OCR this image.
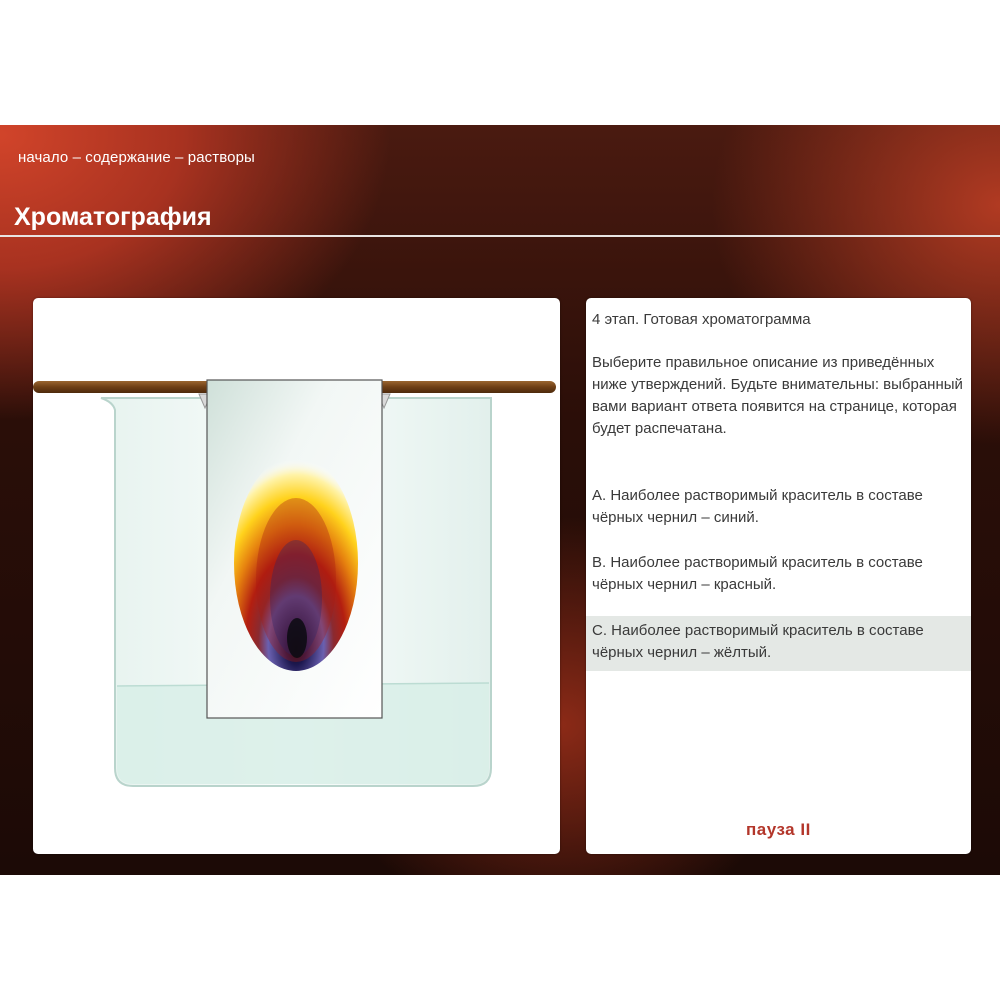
начало – содержание – растворы
Хроматография
4 этап. Готовая хроматограмма
Выберите правильное описание из приведённых ниже утверждений. Будьте внимательны: выбранный вами вариант ответа появится на странице, которая будет распечатана.
A. Наиболее растворимый краситель в составе чёрных чернил – синий.
B. Наиболее растворимый краситель в составе чёрных чернил – красный.
C. Наиболее растворимый краситель в составе чёрных чернил – жёлтый.
пауза II
